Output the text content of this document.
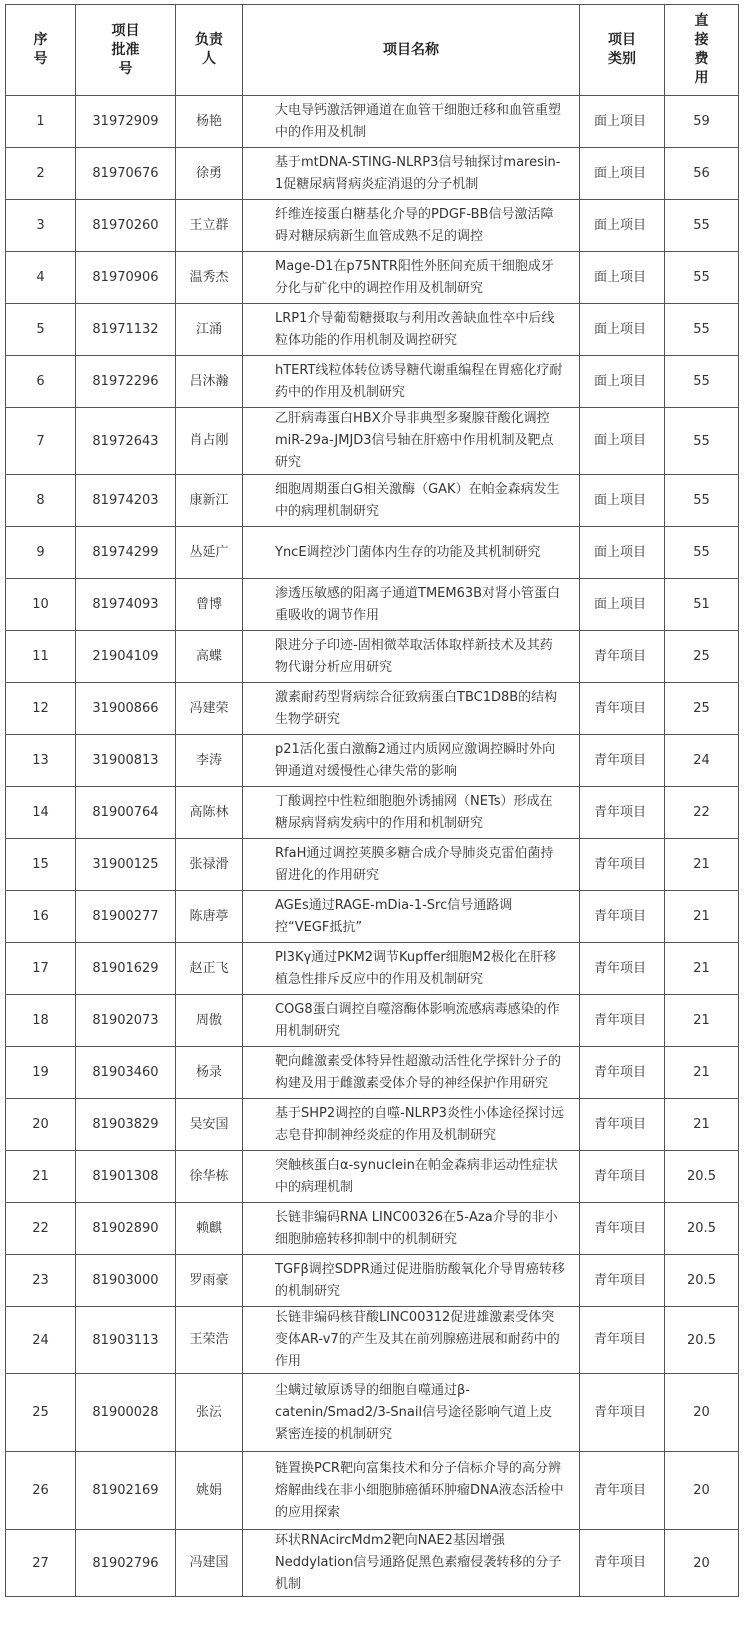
序号	项目批准号	负责人	项目名称	项目类别	直接费用
1	31972909	杨艳	大电导钙激活钾通道在血管干细胞迁移和血管重塑中的作用及机制	面上项目	59
2	81970676	徐勇	基于mtDNA-STING-NLRP3信号轴探讨maresin-1促糖尿病肾病炎症消退的分子机制	面上项目	56
3	81970260	王立群	纤维连接蛋白糖基化介导的PDGF-BB信号激活障碍对糖尿病新生血管成熟不足的调控	面上项目	55
4	81970906	温秀杰	Mage-D1在p75NTR阳性外胚间充质干细胞成牙分化与矿化中的调控作用及机制研究	面上项目	55
5	81971132	江涌	LRP1介导葡萄糖摄取与利用改善缺血性卒中后线粒体功能的作用机制及调控研究	面上项目	55
6	81972296	吕沐瀚	hTERT线粒体转位诱导糖代谢重编程在胃癌化疗耐药中的作用及机制研究	面上项目	55
7	81972643	肖占刚	乙肝病毒蛋白HBX介导非典型多聚腺苷酸化调控miR-29a-JMJD3信号轴在肝癌中作用机制及靶点研究	面上项目	55
8	81974203	康新江	细胞周期蛋白G相关激酶（GAK）在帕金森病发生中的病理机制研究	面上项目	55
9	81974299	丛延广	YncE调控沙门菌体内生存的功能及其机制研究	面上项目	55
10	81974093	曾博	渗透压敏感的阳离子通道TMEM63B对肾小管蛋白重吸收的调节作用	面上项目	51
11	21904109	高蝶	限进分子印迹-固相微萃取活体取样新技术及其药物代谢分析应用研究	青年项目	25
12	31900866	冯建荣	激素耐药型肾病综合征致病蛋白TBC1D8B的结构生物学研究	青年项目	25
13	31900813	李涛	p21活化蛋白激酶2通过内质网应激调控瞬时外向钾通道对缓慢性心律失常的影响	青年项目	24
14	81900764	高陈林	丁酸调控中性粒细胞胞外诱捕网（NETs）形成在糖尿病肾病发病中的作用和机制研究	青年项目	22
15	31900125	张禄滑	RfaH通过调控荚膜多糖合成介导肺炎克雷伯菌持留进化的作用研究	青年项目	21
16	81900277	陈唐葶	AGEs通过RAGE-mDia-1-Src信号通路调控“VEGF抵抗”	青年项目	21
17	81901629	赵正飞	PI3Kγ通过PKM2调节Kupffer细胞M2极化在肝移植急性排斥反应中的作用及机制研究	青年项目	21
18	81902073	周傲	COG8蛋白调控自噬溶酶体影响流感病毒感染的作用机制研究	青年项目	21
19	81903460	杨录	靶向雌激素受体特异性超激动活性化学探针分子的构建及用于雌激素受体介导的神经保护作用研究	青年项目	21
20	81903829	吴安国	基于SHP2调控的自噬-NLRP3炎性小体途径探讨远志皂苷抑制神经炎症的作用及机制研究	青年项目	21
21	81901308	徐华栋	突触核蛋白α-synuclein在帕金森病非运动性症状中的病理机制	青年项目	20.5
22	81902890	赖麒	长链非编码RNA LINC00326在5-Aza介导的非小细胞肺癌转移抑制中的机制研究	青年项目	20.5
23	81903000	罗雨豪	TGFβ调控SDPR通过促进脂肪酸氧化介导胃癌转移的机制研究	青年项目	20.5
24	81903113	王荣浩	长链非编码核苷酸LINC00312促进雄激素受体突变体AR-v7的产生及其在前列腺癌进展和耐药中的作用	青年项目	20.5
25	81900028	张沄	尘螨过敏原诱导的细胞自噬通过β-catenin/Smad2/3-Snail信号途径影响气道上皮紧密连接的机制研究	青年项目	20
26	81902169	姚娟	链置换PCR靶向富集技术和分子信标介导的高分辨熔解曲线在非小细胞肺癌循环肿瘤DNA液态活检中的应用探索	青年项目	20
27	81902796	冯建国	环状RNAcircMdm2靶向NAE2基因增强Neddylation信号通路促黑色素瘤侵袭转移的分子机制	青年项目	20
